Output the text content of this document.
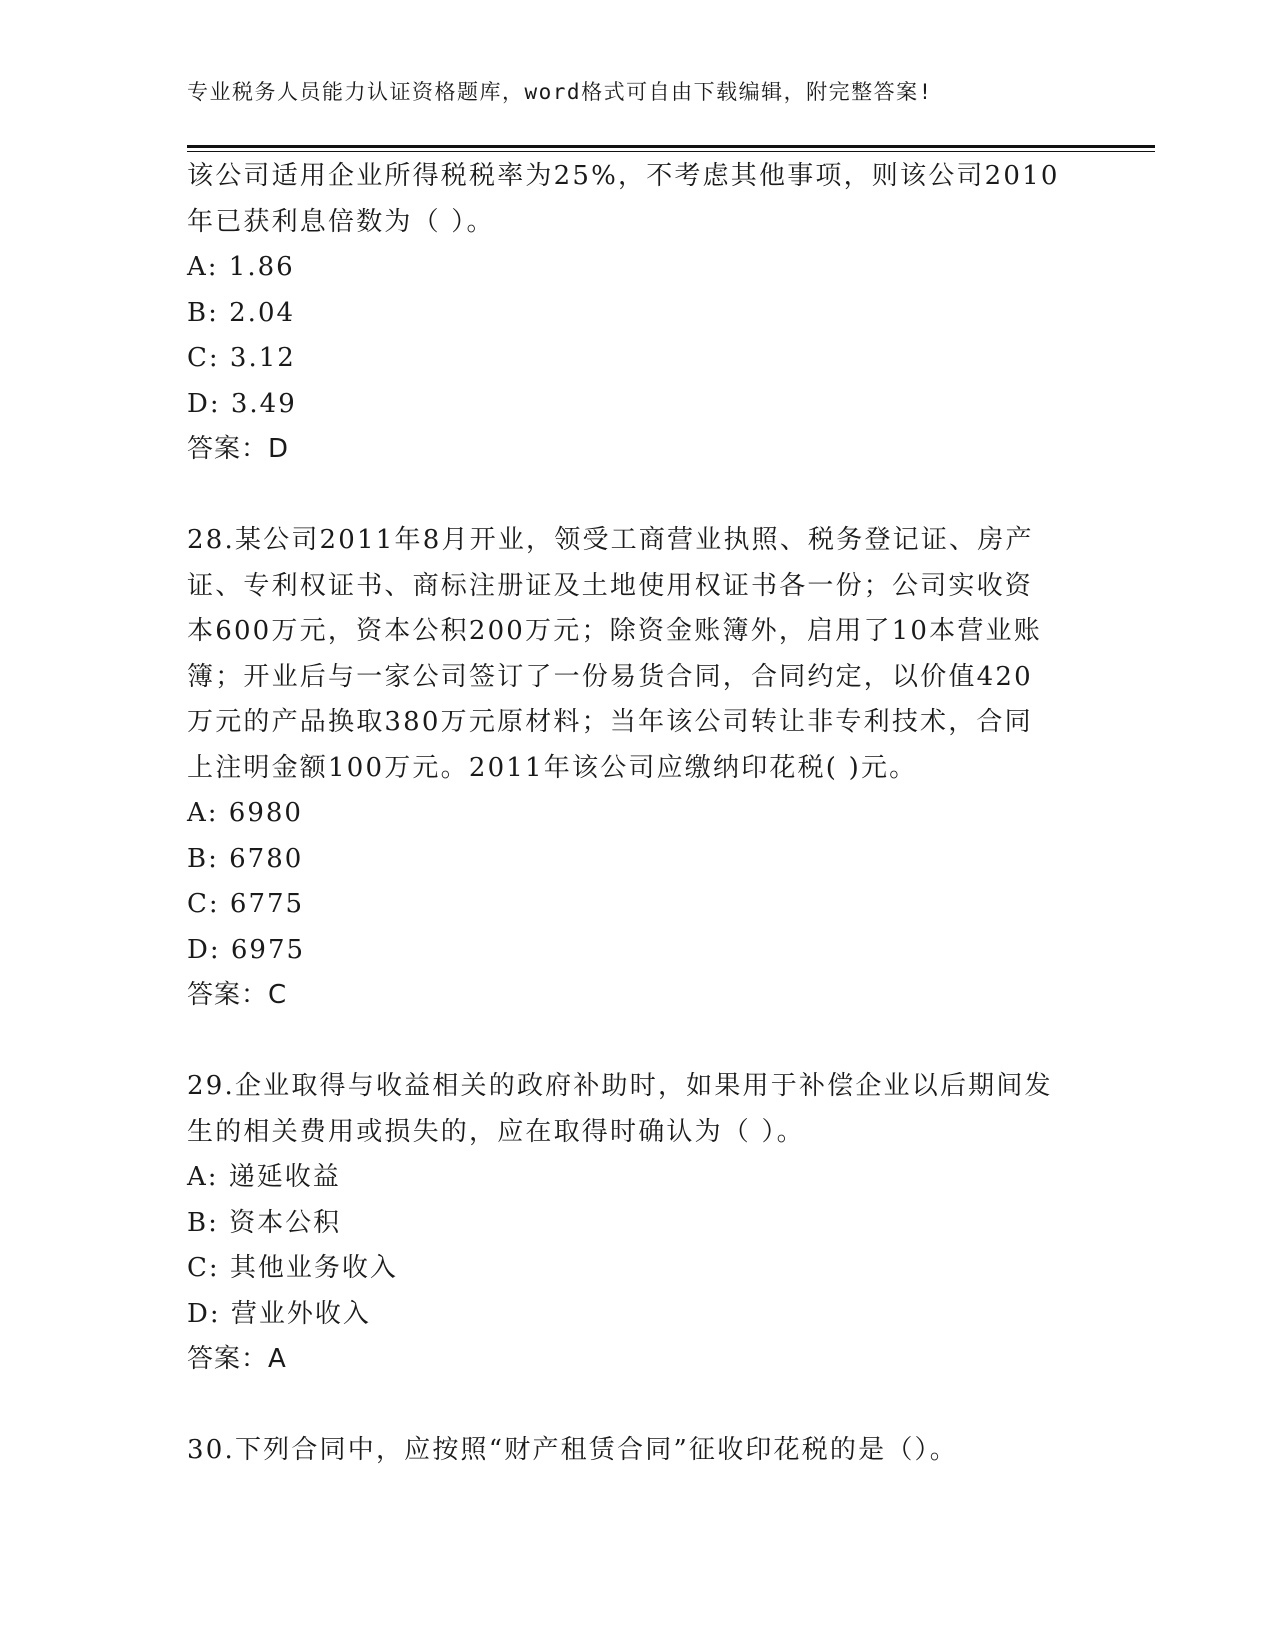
专业税务人员能力认证资格题库，word格式可自由下载编辑，附完整答案!

该公司适用企业所得税税率为25%，不考虑其他事项，则该公司2010

年已获利息倍数为（ ）。

A: 1.86
B: 2.04
C: 3.12
D: 3.49
答案：D

28.某公司2011年8月开业，领受工商营业执照、税务登记证、房产

证、专利权证书、商标注册证及土地使用权证书各一份；公司实收资

本600万元，资本公积200万元；除资金账簿外，启用了10本营业账

簿；开业后与一家公司签订了一份易货合同，合同约定，以价值420

万元的产品换取380万元原材料；当年该公司转让非专利技术，合同

上注明金额100万元。2011年该公司应缴纳印花税( )元。

A: 6980
B: 6780
C: 6775
D: 6975
答案：C

29.企业取得与收益相关的政府补助时，如果用于补偿企业以后期间发

生的相关费用或损失的，应在取得时确认为（ ）。

A: 递延收益
B: 资本公积
C: 其他业务收入
D: 营业外收入
答案：A

30.下列合同中，应按照“财产租赁合同”征收印花税的是（）。
